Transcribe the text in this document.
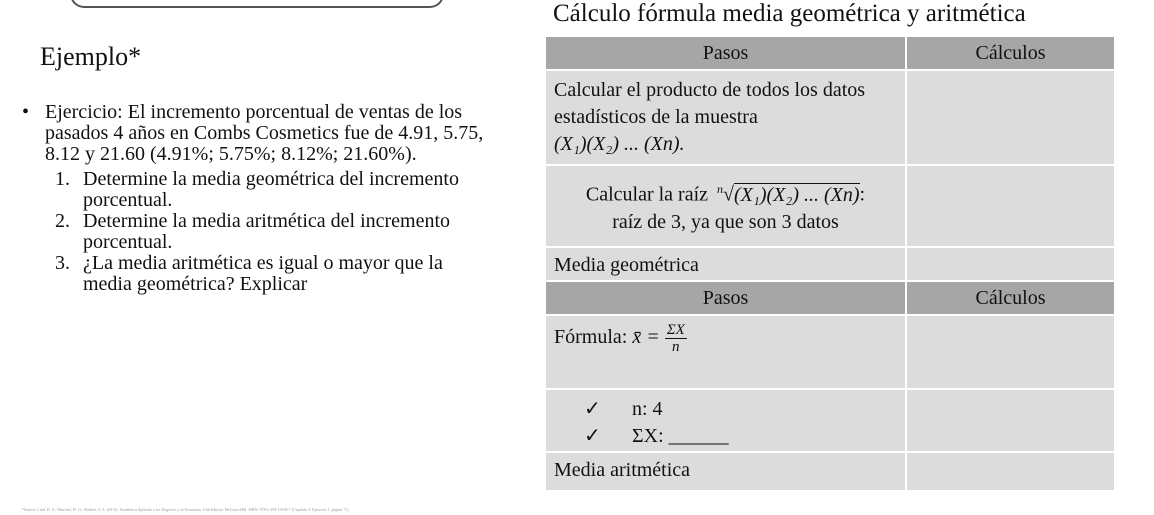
Cálculo fórmula media geométrica y aritmética
Ejemplo*
• Ejercicio: El incremento porcentual de ventas de los pasados 4 años en Combs Cosmetics fue de 4.91, 5.75, 8.12 y 21.60 (4.91%; 5.75%; 8.12%; 21.60%).
1. Determine la media geométrica del incremento porcentual.
2. Determine la media aritmética del incremento porcentual.
3. ¿La media aritmética es igual o mayor que la media geométrica? Explicar
Pasos	Cálculos

Calcular el producto de todos los datos estadísticos de la muestra
(X₁)(X₂) ... (Xn).	

Calcular la raíz $^n$√(X₁)(X₂) ... (Xn):
raíz de 3, ya que son 3 datos	

Media geométrica	
Pasos	Cálculos
Fórmula: x̄ = $\frac{\Sigma X}{n}$

✓ n: 4
✓ ΣX: ______	

Media aritmética	
*Source: Lind, D. A., Marchal, W. G., Wathen, S. A. (2012). Estadística Aplicada a los Negocios y la Economía. 15th Edition. McGraw-Hill. ISBN: 978-1-259-19186-7 (Capítulo 3: Ejercicio 1, página 71)
